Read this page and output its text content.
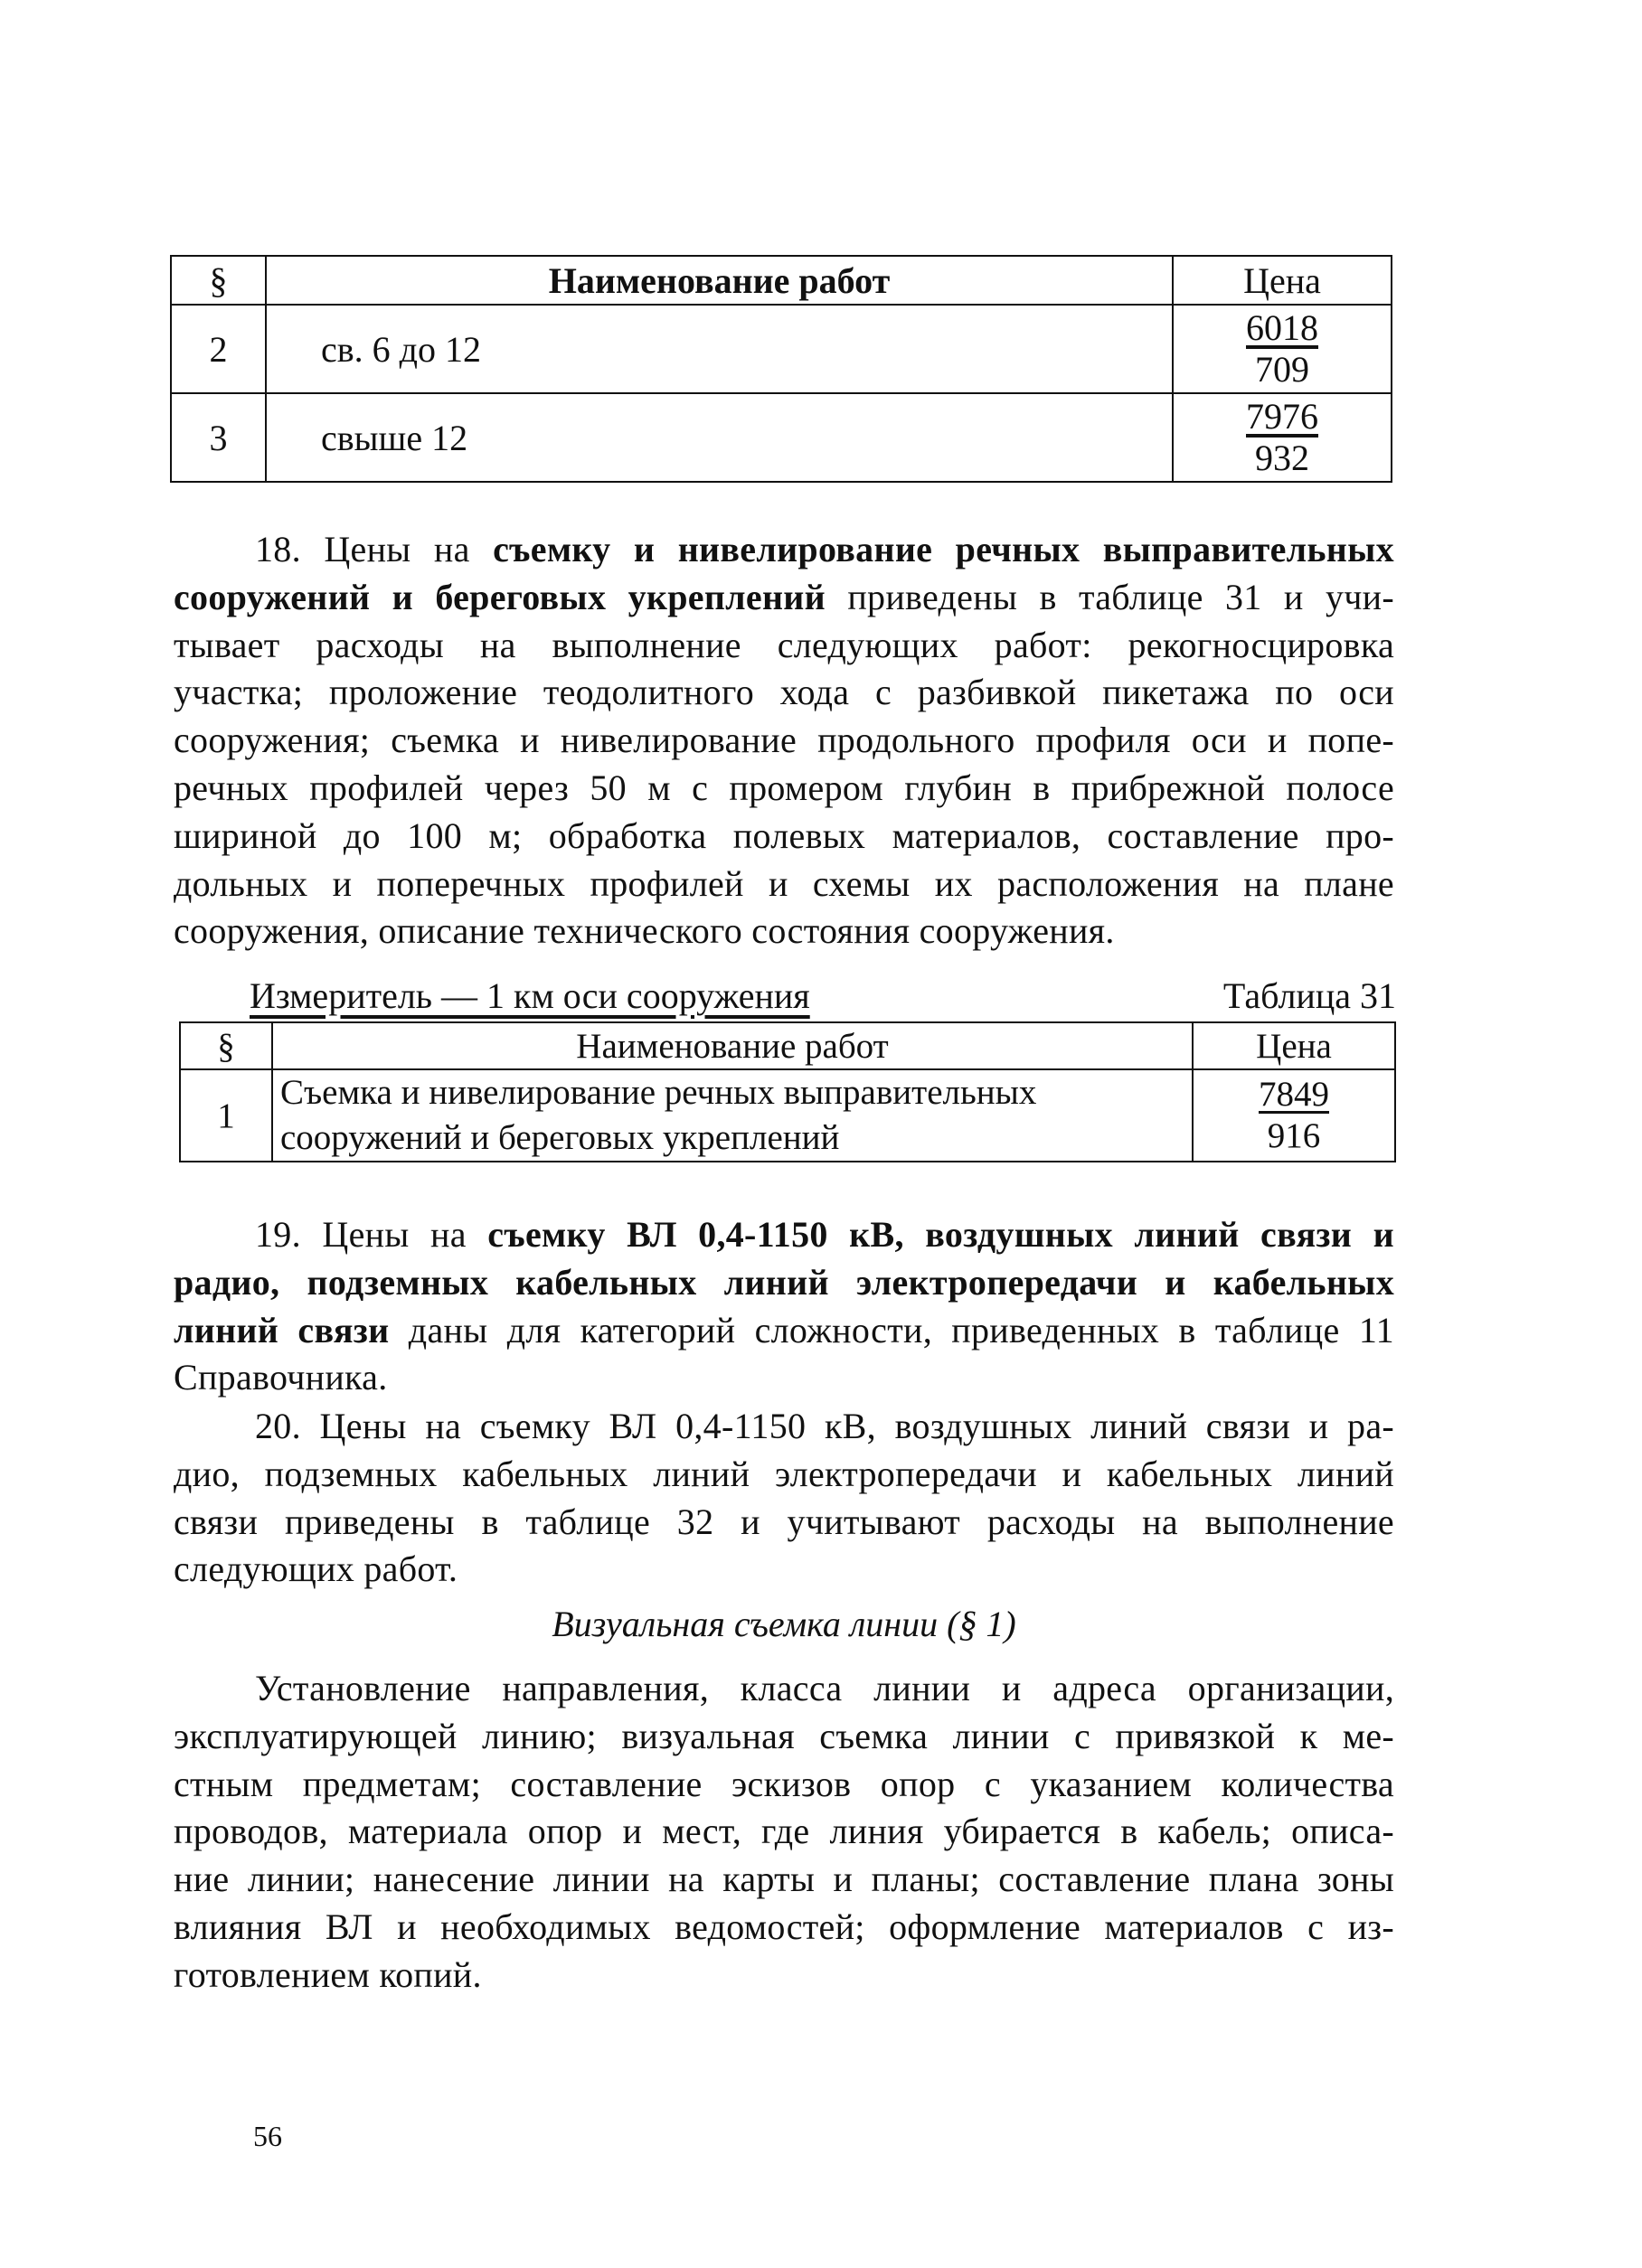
§	Наименование работ	Цена
2	св. 6 до 12	6018
709

3	свыше 12	7976
932
18. Цены на съемку и нивелирование речных выправительных
сооружений и береговых укреплений приведены в таблице 31 и учи-
тывает расходы на выполнение следующих работ: рекогносцировка
участка; проложение теодолитного хода с разбивкой пикетажа по оси
сооружения; съемка и нивелирование продольного профиля оси и попе-
речных профилей через 50 м с промером глубин в прибрежной полосе
шириной до 100 м; обработка полевых материалов, составление про-
дольных и поперечных профилей и схемы их расположения на плане
сооружения, описание технического состояния сооружения.
Измеритель — 1 км оси сооружения	Таблица 31
§	Наименование работ	Цена
1	Съемка и нивелирование речных выправительных
сооружений и береговых укреплений	7849
916
19. Цены на съемку ВЛ 0,4-1150 кВ, воздушных линий связи и
радио, подземных кабельных линий электропередачи и кабельных
линий связи даны для категорий сложности, приведенных в таблице 11
Справочника.
20. Цены на съемку ВЛ 0,4-1150 кВ, воздушных линий связи и ра-
дио, подземных кабельных линий электропередачи и кабельных линий
связи приведены в таблице 32 и учитывают расходы на выполнение
следующих работ.
Визуальная съемка линии (§ 1)
Установление направления, класса линии и адреса организации,
эксплуатирующей линию; визуальная съемка линии с привязкой к ме-
стным предметам; составление эскизов опор с указанием количества
проводов, материала опор и мест, где линия убирается в кабель; описа-
ние линии; нанесение линии на карты и планы; составление плана зоны
влияния ВЛ и необходимых ведомостей; оформление материалов с из-
готовлением копий.
56
